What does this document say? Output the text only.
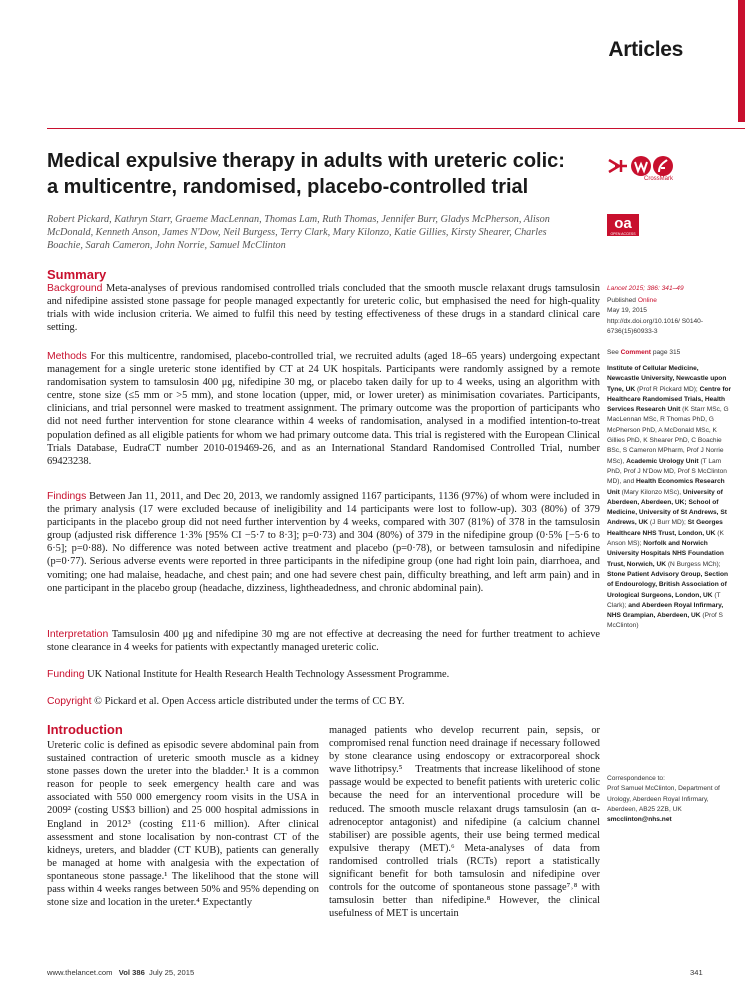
Articles
Medical expulsive therapy in adults with ureteric colic:
a multicentre, randomised, placebo-controlled trial	CrossMark
oa
OPEN ACCESS

Robert Pickard, Kathryn Starr, Graeme MacLennan, Thomas Lam, Ruth Thomas, Jennifer Burr, Gladys McPherson, Alison McDonald, Kenneth Anson, James N'Dow, Neil Burgess, Terry Clark, Mary Kilonzo, Katie Gillies, Kirsty Shearer, Charles Boachie, Sarah Cameron, John Norrie, Samuel McClinton

Summary

Background Meta-analyses of previous randomised controlled trials concluded that the smooth muscle relaxant drugs tamsulosin and nifedipine assisted stone passage for people managed expectantly for ureteric colic, but emphasised the need for high-quality trials with wide inclusion criteria. We aimed to fulfil this need by testing effectiveness of these drugs in a standard clinical care setting.

Methods For this multicentre, randomised, placebo-controlled trial, we recruited adults (aged 18–65 years) undergoing expectant management for a single ureteric stone identified by CT at 24 UK hospitals. Participants were randomly assigned by a remote randomisation system to tamsulosin 400 μg, nifedipine 30 mg, or placebo taken daily for up to 4 weeks, using an algorithm with centre, stone size (≤5 mm or >5 mm), and stone location (upper, mid, or lower ureter) as minimisation covariates. Participants, clinicians, and trial personnel were masked to treatment assignment. The primary outcome was the proportion of participants who did not need further intervention for stone clearance within 4 weeks of randomisation, analysed in a modified intention-to-treat population defined as all eligible patients for whom we had primary outcome data. This trial is registered with the European Clinical Trials Database, EudraCT number 2010-019469-26, and as an International Standard Randomised Controlled Trial, number 69423238.

Findings Between Jan 11, 2011, and Dec 20, 2013, we randomly assigned 1167 participants, 1136 (97%) of whom were included in the primary analysis (17 were excluded because of ineligibility and 14 participants were lost to follow-up). 303 (80%) of 379 participants in the placebo group did not need further intervention by 4 weeks, compared with 307 (81%) of 378 in the tamsulosin group (adjusted risk difference 1·3% [95% CI −5·7 to 8·3]; p=0·73) and 304 (80%) of 379 in the nifedipine group (0·5% [−5·6 to 6·5]; p=0·88). No difference was noted between active treatment and placebo (p=0·78), or between tamsulosin and nifedipine (p=0·77). Serious adverse events were reported in three participants in the nifedipine group (one had right loin pain, diarrhoea, and vomiting; one had malaise, headache, and chest pain; and one had severe chest pain, difficulty breathing, and left arm pain) and in one participant in the placebo group (headache, dizziness, lightheadedness, and chronic abdominal pain).

Interpretation Tamsulosin 400 μg and nifedipine 30 mg are not effective at decreasing the need for further treatment to achieve stone clearance in 4 weeks for patients with expectantly managed ureteric colic.

Funding UK National Institute for Health Research Health Technology Assessment Programme.

Copyright © Pickard et al. Open Access article distributed under the terms of CC BY.

Lancet 2015; 386: 341–49

Published Online
May 19, 2015
http://dx.doi.org/10.1016/ S0140-6736(15)60933-3

See Comment page 315

Institute of Cellular Medicine, Newcastle University, Newcastle upon Tyne, UK (Prof R Pickard MD); Centre for Healthcare Randomised Trials, Health Services Research Unit (K Starr MSc, G MacLennan MSc, R Thomas PhD, G McPherson PhD, A McDonald MSc, K Gillies PhD, K Shearer PhD, C Boachie BSc, S Cameron MPharm, Prof J Norrie MSc), Academic Urology Unit (T Lam PhD, Prof J N'Dow MD, Prof S McClinton MD), and Health Economics Research Unit (Mary Kilonzo MSc), University of Aberdeen, Aberdeen, UK; School of Medicine, University of St Andrews, St Andrews, UK (J Burr MD); St Georges Healthcare NHS Trust, London, UK (K Anson MS); Norfolk and Norwich University Hospitals NHS Foundation Trust, Norwich, UK (N Burgess MCh); Stone Patient Advisory Group, Section of Endourology, British Association of Urological Surgeons, London, UK (T Clark); and Aberdeen Royal Infirmary, NHS Grampian, Aberdeen, UK (Prof S McClinton)

Correspondence to:
Prof Samuel McClinton, Department of Urology, Aberdeen Royal Infirmary, Aberdeen, AB25 2ZB, UK
smcclinton@nhs.net

Introduction

Ureteric colic is defined as episodic severe abdominal pain from sustained contraction of ureteric smooth muscle as a kidney stone passes down the ureter into the bladder.¹ It is a common reason for people to seek emergency health care and was associated with 550 000 emergency room visits in the USA in 2009² (costing US$3 billion) and 25 000 hospital admissions in England in 2012³ (costing £11·6 million). After clinical assessment and stone localisation by non-contrast CT of the kidneys, ureters, and bladder (CT KUB), patients can generally be managed at home with analgesia with the expectation of spontaneous stone passage.¹ The likelihood that the stone will pass within 4 weeks ranges between 50% and 95% depending on stone size and location in the ureter.⁴ Expectantly

managed patients who develop recurrent pain, sepsis, or compromised renal function need drainage if necessary followed by stone clearance using endoscopy or extracorporeal shock wave lithotripsy.⁵    Treatments that increase likelihood of stone passage would be expected to benefit patients with ureteric colic because the need for an interventional procedure will be reduced. The smooth muscle relaxant drugs tamsulosin (an α-adrenoceptor antagonist) and nifedipine (a calcium channel stabiliser) are possible agents, their use being termed medical expulsive therapy (MET).⁶ Meta-analyses of data from randomised controlled trials (RCTs) report a statistically significant benefit for both tamsulosin and nifedipine over controls for the outcome of spontaneous stone passage⁷˒⁸ with tamsulosin better than nifedipine.⁸ However, the clinical usefulness of MET is uncertain

www.thelancet.com Vol 386 July 25, 2015	341
